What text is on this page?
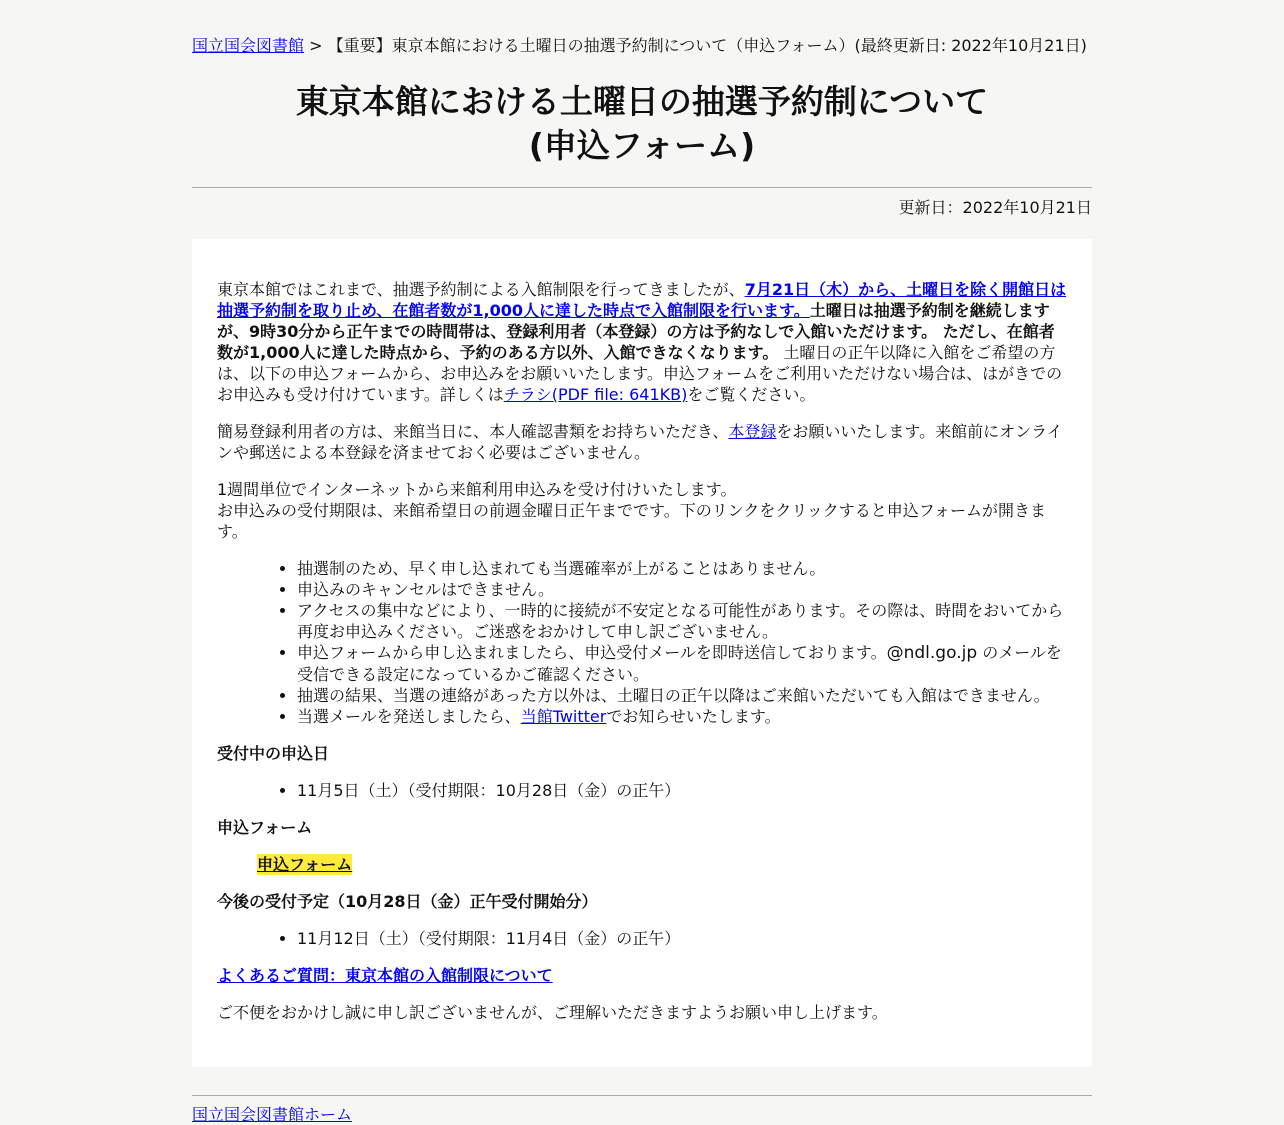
国立国会図書館 > 【重要】東京本館における土曜日の抽選予約制について（申込フォーム）(最終更新日: 2022年10月21日)
東京本館における土曜日の抽選予約制について
(申込フォーム)
更新日：2022年10月21日

東京本館ではこれまで、抽選予約制による入館制限を行ってきましたが、7月21日（木）から、土曜日を除く開館日は抽選予約制を取り止め、在館者数が1,000人に達した時点で入館制限を行います。土曜日は抽選予約制を継続しますが、9時30分から正午までの時間帯は、登録利用者（本登録）の方は予約なしで入館いただけます。 ただし、在館者数が1,000人に達した時点から、予約のある方以外、入館できなくなります。 土曜日の正午以降に入館をご希望の方は、以下の申込フォームから、お申込みをお願いいたします。申込フォームをご利用いただけない場合は、はがきでのお申込みも受け付けています。詳しくはチラシ(PDF file: 641KB)をご覧ください。

簡易登録利用者の方は、来館当日に、本人確認書類をお持ちいただき、本登録をお願いいたします。来館前にオンラインや郵送による本登録を済ませておく必要はございません。

1週間単位でインターネットから来館利用申込みを受け付けいたします。
お申込みの受付期限は、来館希望日の前週金曜日正午までです。下のリンクをクリックすると申込フォームが開きます。

• 抽選制のため、早く申し込まれても当選確率が上がることはありません。
• 申込みのキャンセルはできません。
• アクセスの集中などにより、一時的に接続が不安定となる可能性があります。その際は、時間をおいてから再度お申込みください。ご迷惑をおかけして申し訳ございません。
• 申込フォームから申し込まれましたら、申込受付メールを即時送信しております。@ndl.go.jp のメールを受信できる設定になっているかご確認ください。
• 抽選の結果、当選の連絡があった方以外は、土曜日の正午以降はご来館いただいても入館はできません。
• 当選メールを発送しましたら、当館Twitterでお知らせいたします。

受付中の申込日

• 11月5日（土）（受付期限：10月28日（金）の正午）

申込フォーム

申込フォーム

今後の受付予定（10月28日（金）正午受付開始分）

• 11月12日（土）（受付期限：11月4日（金）の正午）

よくあるご質問：東京本館の入館制限について

ご不便をおかけし誠に申し訳ございませんが、ご理解いただきますようお願い申し上げます。

国立国会図書館ホーム
